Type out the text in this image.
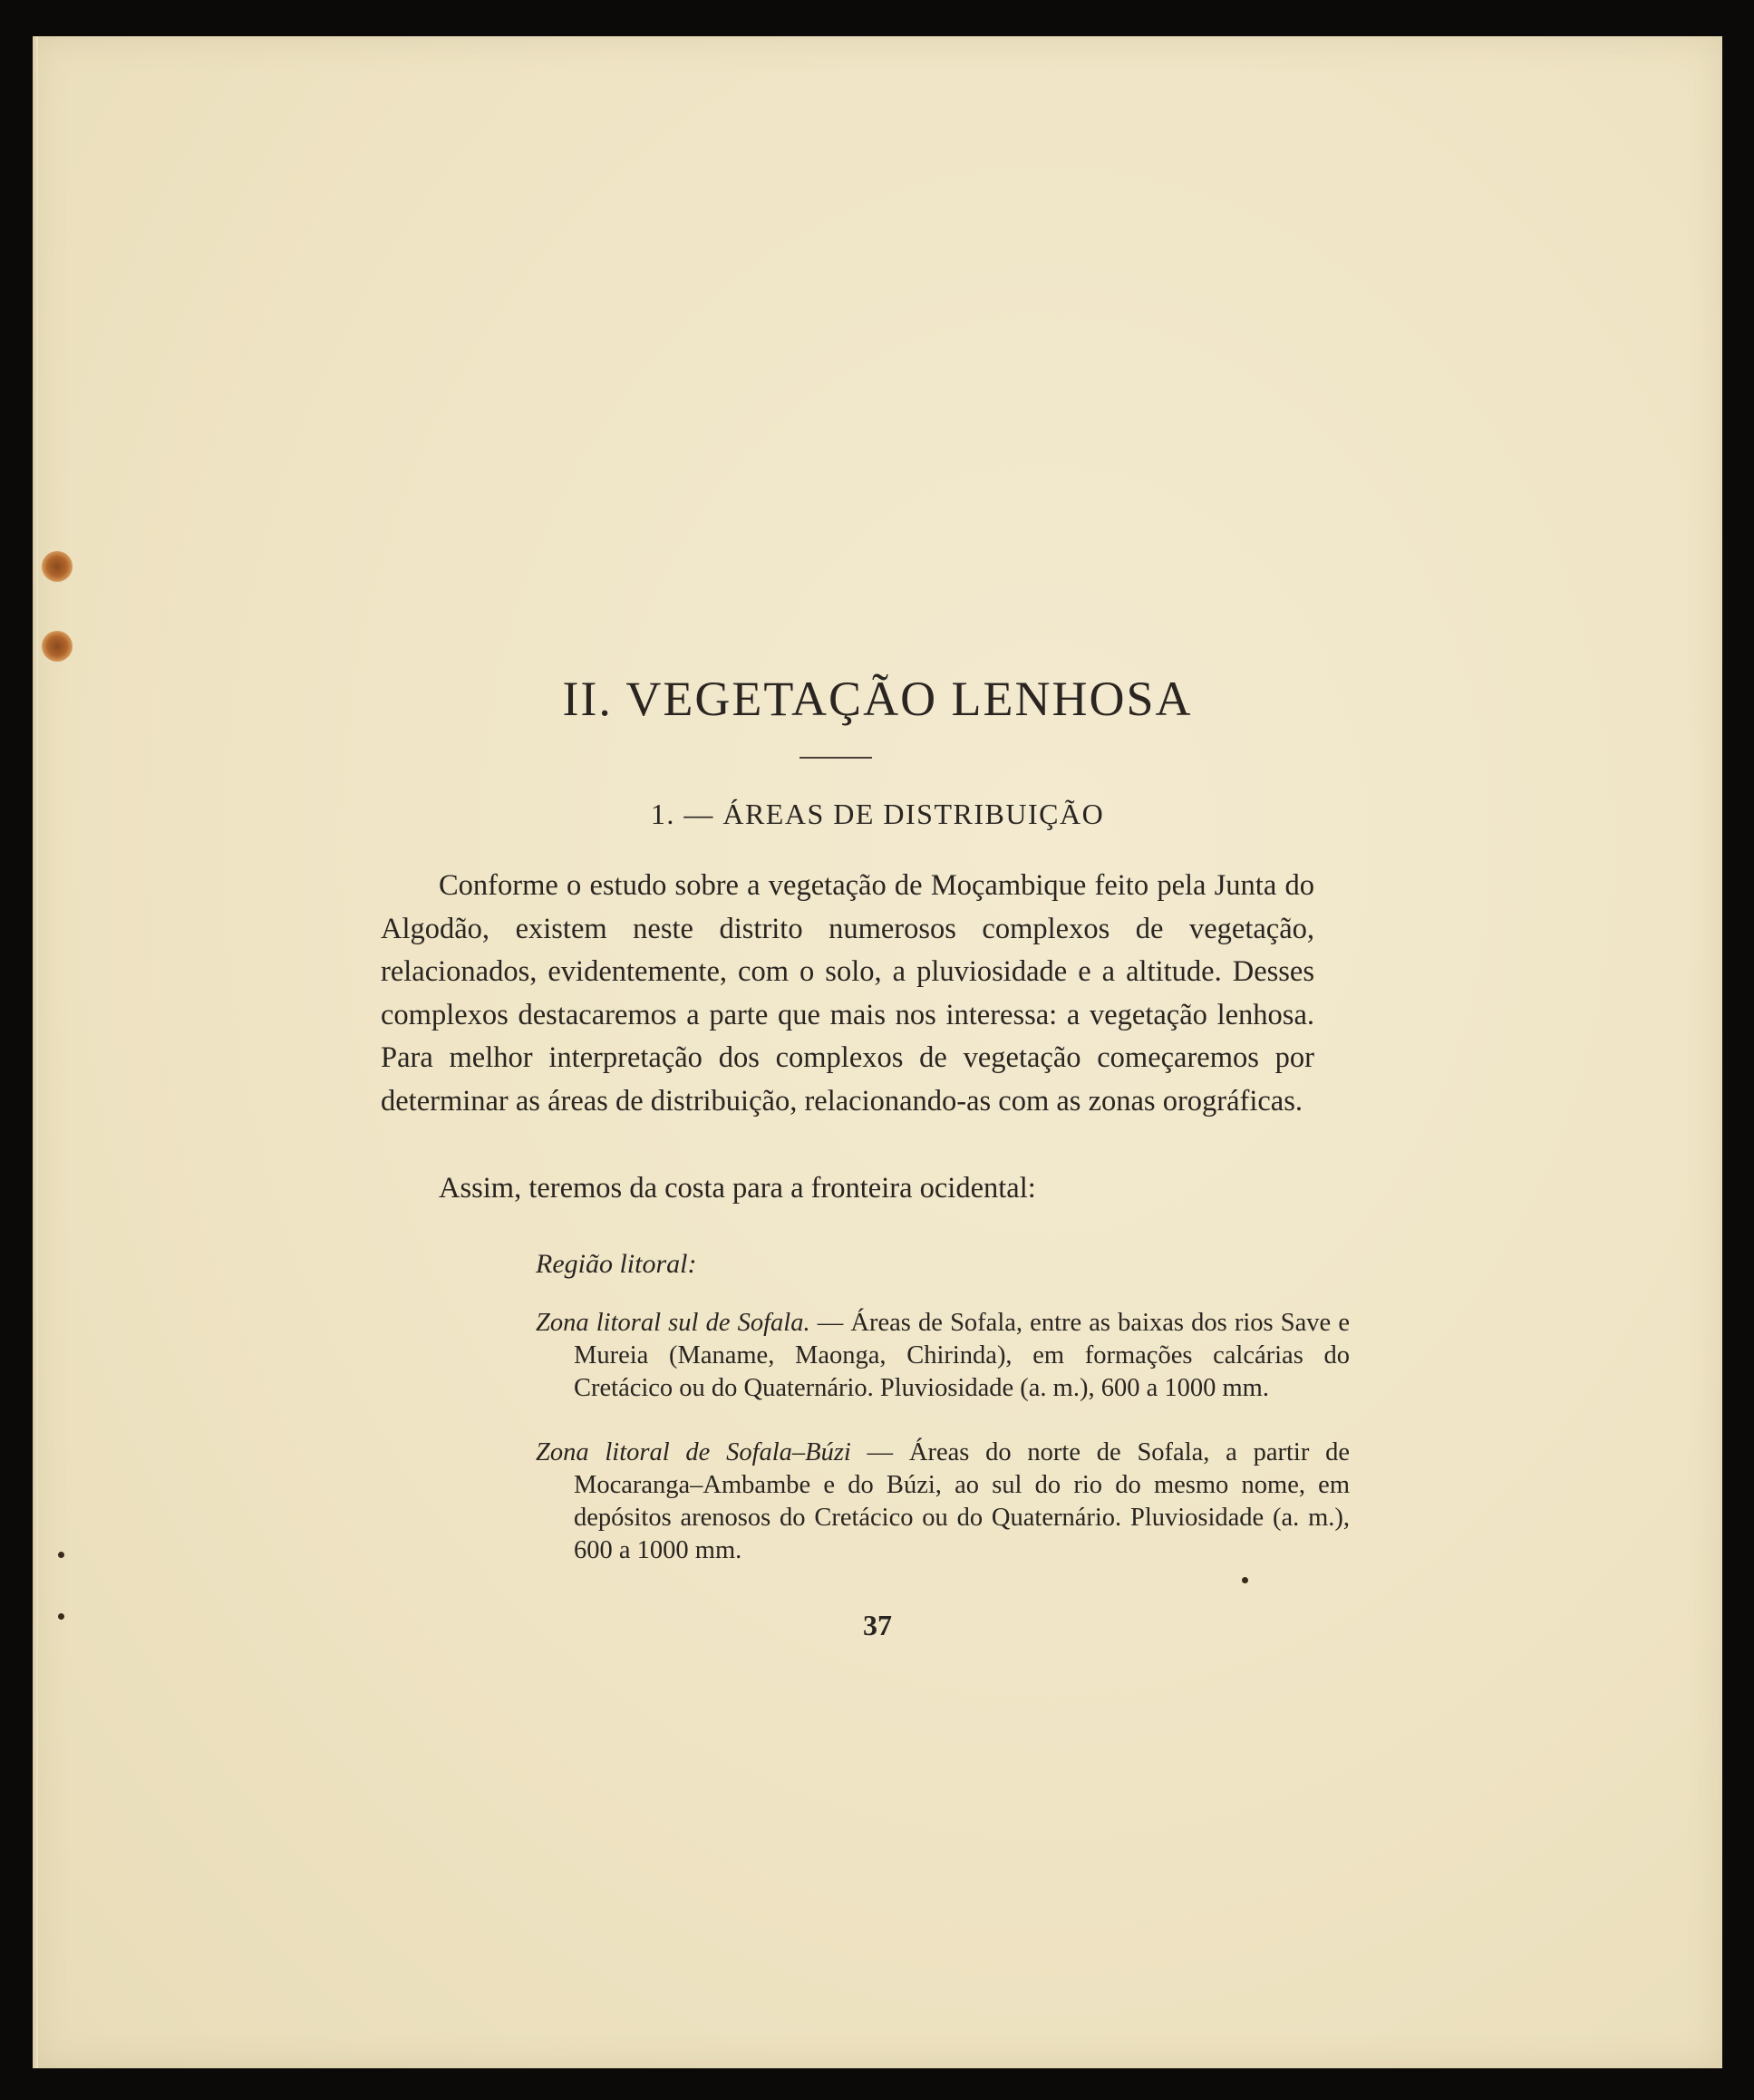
II. VEGETAÇÃO LENHOSA
1. — ÁREAS DE DISTRIBUIÇÃO

Conforme o estudo sobre a vegetação de Moçambique feito pela Junta do Algodão, existem neste distrito numerosos complexos de vegetação, relacionados, evidentemente, com o solo, a pluviosidade e a altitude. Desses complexos destacaremos a parte que mais nos interessa: a vegetação lenhosa. Para melhor interpretação dos complexos de vegetação começaremos por determinar as áreas de distribuição, relacionando-as com as zonas orográficas.

Assim, teremos da costa para a fronteira ocidental:

Região litoral:

Zona litoral sul de Sofala. — Áreas de Sofala, entre as baixas dos rios Save e Mureia (Maname, Maonga, Chirinda), em formações calcárias do Cretácico ou do Quaternário. Pluviosidade (a. m.), 600 a 1000 mm.

Zona litoral de Sofala–Búzi — Áreas do norte de Sofala, a partir de Mocaranga–Ambambe e do Búzi, ao sul do rio do mesmo nome, em depósitos arenosos do Cretácico ou do Quaternário. Pluviosidade (a. m.), 600 a 1000 mm.

37
